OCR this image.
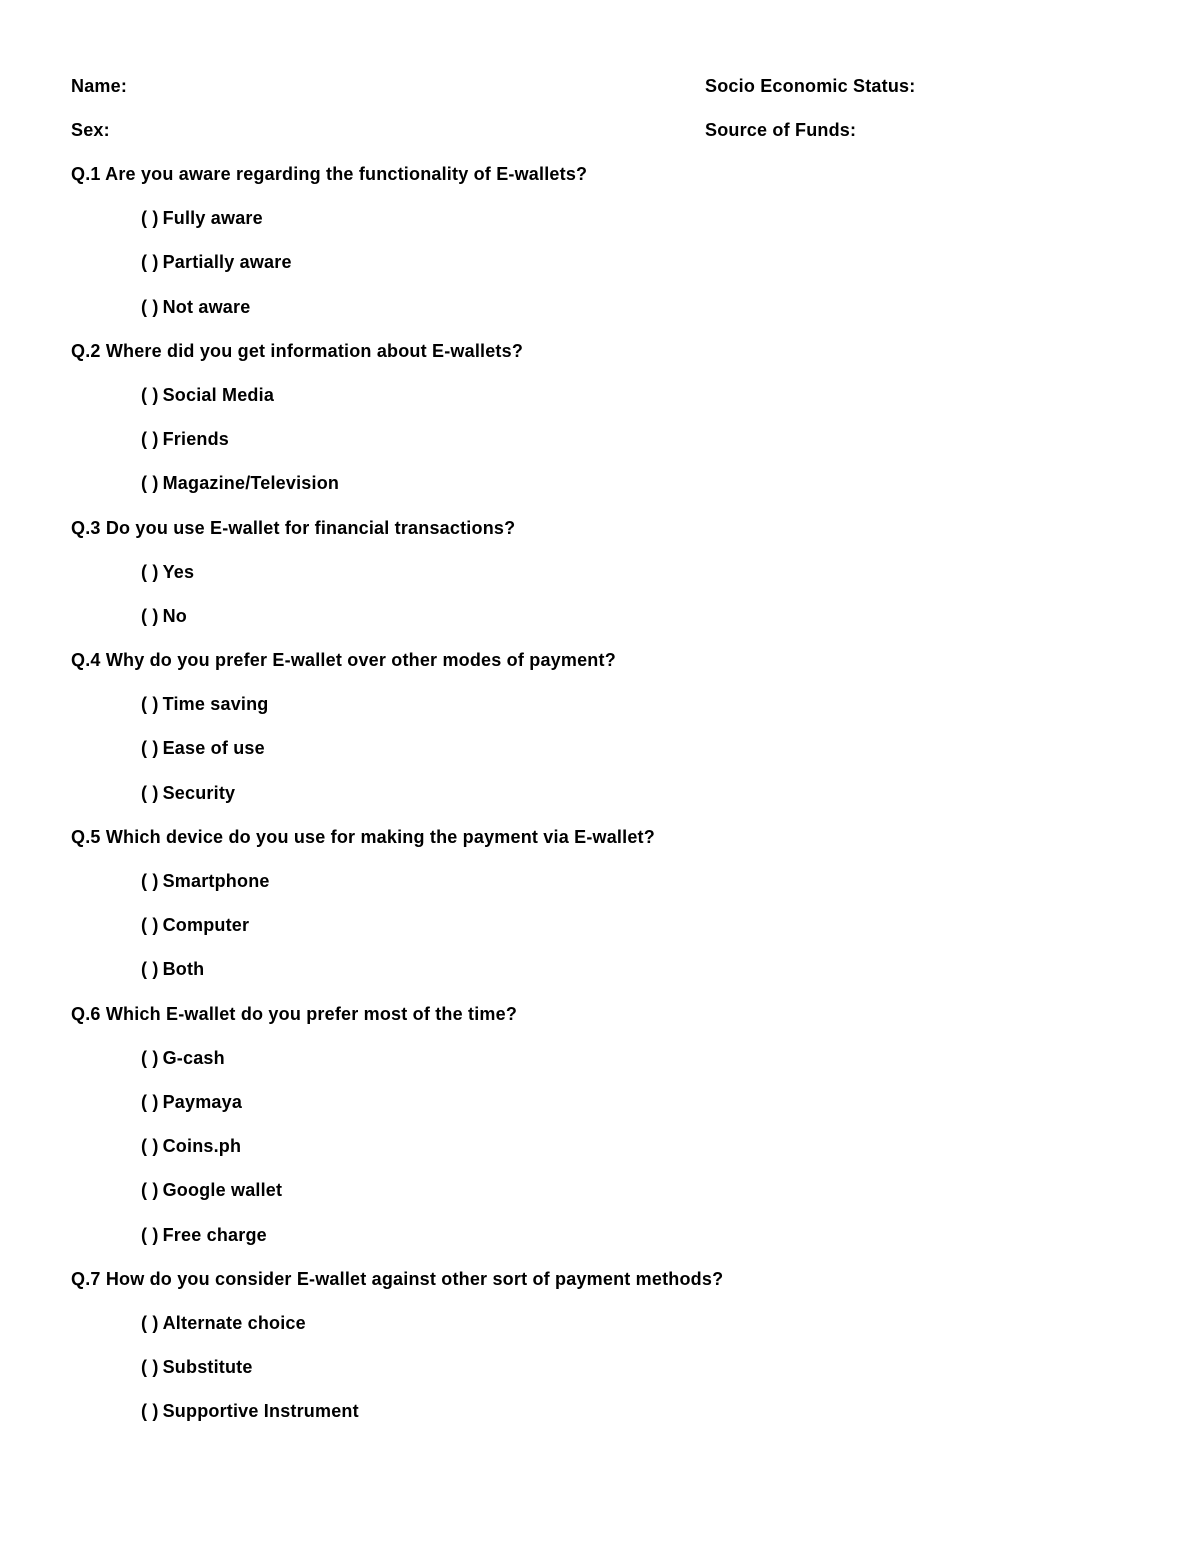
Name:	Socio Economic Status:
Sex:	Source of Funds:
Q.1 Are you aware regarding the functionality of E-wallets?
( ) Fully aware
( ) Partially aware
( ) Not aware
Q.2 Where did you get information about E-wallets?
( ) Social Media
( ) Friends
( ) Magazine/Television
Q.3 Do you use E-wallet for financial transactions?
( ) Yes
( ) No
Q.4 Why do you prefer E-wallet over other modes of payment?
( ) Time saving
( ) Ease of use
( ) Security
Q.5 Which device do you use for making the payment via E-wallet?
( ) Smartphone
( ) Computer
( ) Both
Q.6 Which E-wallet do you prefer most of the time?
( ) G-cash
( ) Paymaya
( ) Coins.ph
( ) Google wallet
( ) Free charge
Q.7 How do you consider E-wallet against other sort of payment methods?
( ) Alternate choice
( ) Substitute
( ) Supportive Instrument
